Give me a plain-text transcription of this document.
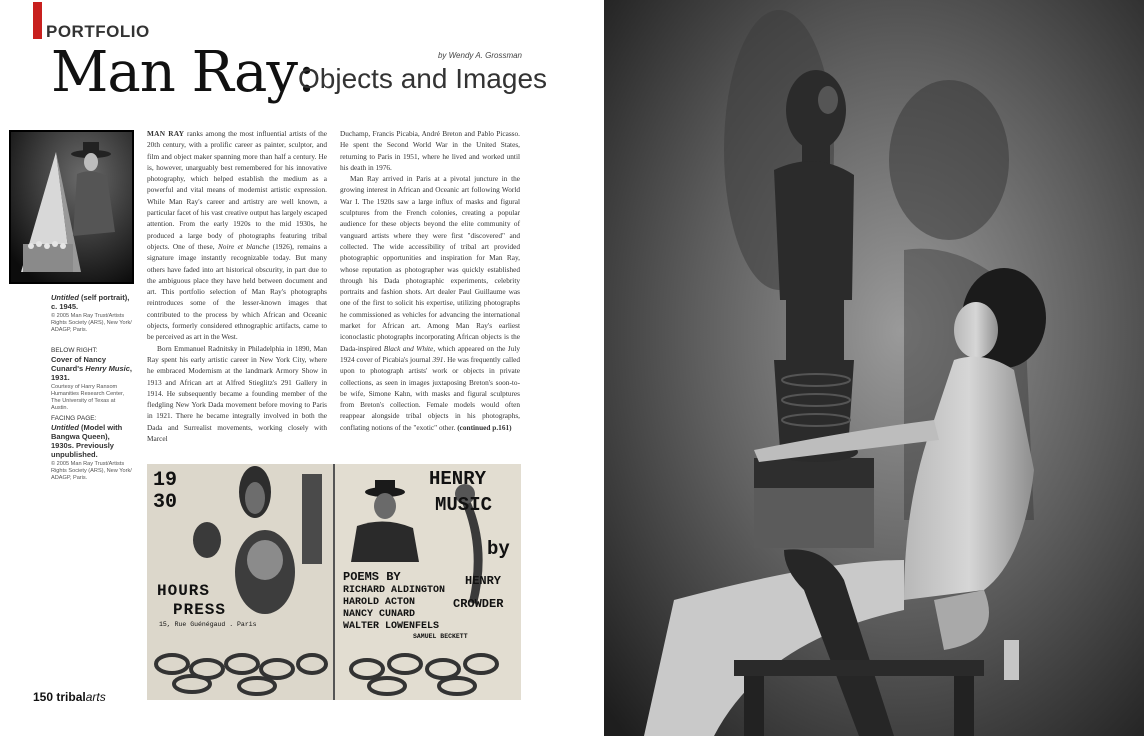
PORTFOLIO
by Wendy A. Grossman
Man Ray:
Objects and Images
Untitled (self portrait), c. 1945.
© 2005 Man Ray Trust/Artists Rights Society (ARS), New York/ ADAGP, Paris.
BELOW RIGHT:
Cover of Nancy Cunard's Henry Music, 1931.
Courtesy of Harry Ransom Humanities Research Center, The University of Texas at Austin.
FACING PAGE:
Untitled (Model with Bangwa Queen), 1930s. Previously unpublished.
© 2005 Man Ray Trust/Artists Rights Society (ARS), New York/ ADAGP, Paris.

MAN RAY ranks among the most influential artists of the 20th century, with a prolific career as painter, sculptor, and film and object maker spanning more than half a century. He is, however, unarguably best remembered for his innovative photography, which helped establish the medium as a powerful and vital means of modernist artistic expression. While Man Ray's career and artistry are well known, a particular facet of his vast creative output has largely escaped attention. From the early 1920s to the mid 1930s, he produced a large body of photographs featuring tribal objects. One of these, Noire et blanche (1926), remains a signature image instantly recognizable today. But many others have faded into art historical obscurity, in part due to the ambiguous place they have held between document and art. This portfolio selection of Man Ray's photographs reintroduces some of the lesser-known images that contributed to the process by which African and Oceanic objects, formerly considered ethnographic artifacts, came to be perceived as art in the West.

Born Emmanuel Radnitsky in Philadelphia in 1890, Man Ray spent his early artistic career in New York City, where he embraced Modernism at the landmark Armory Show in 1913 and African art at Alfred Stieglitz's 291 Gallery in 1914. He subsequently became a founding member of the fledgling New York Dada movement before moving to Paris in 1921. There he became integrally involved in both the Dada and Surrealist movements, working closely with Marcel

Duchamp, Francis Picabia, André Breton and Pablo Picasso. He spent the Second World War in the United States, returning to Paris in 1951, where he lived and worked until his death in 1976.

Man Ray arrived in Paris at a pivotal juncture in the growing interest in African and Oceanic art following World War I. The 1920s saw a large influx of masks and figural sculptures from the French colonies, creating a popular audience for these objects beyond the elite community of vanguard artists where they were first "discovered" and collected. The wide accessibility of tribal art provided photographic opportunities and inspiration for Man Ray, whose reputation as photographer was quickly established through his Dada photographic experiments, celebrity portraits and fashion shots. Art dealer Paul Guillaume was one of the first to solicit his expertise, utilizing photographs he commissioned as vehicles for advancing the international market for African art. Among Man Ray's earliest iconoclastic photographs incorporating African objects is the Dada-inspired Black and White, which appeared on the July 1924 cover of Picabia's journal 391. He was frequently called upon to photograph artists' work or objects in private collections, as seen in images juxtaposing Breton's soon-to-be wife, Simone Kahn, with masks and figural sculptures from Breton's collection. Female models would often reappear alongside tribal objects in his photographs, conflating notions of the "exotic" other. (continued p.161)

1930
HOURS
PRESS
15, Rue Guénégaud . Paris
HENRY
MUSIC
by
POEMS BY	HENRY
RICHARD ALDINGTON
HAROLD ACTON	CROWDER
NANCY CUNARD
WALTER LOWENFELS
SAMUEL BECKETT
150 tribalarts
